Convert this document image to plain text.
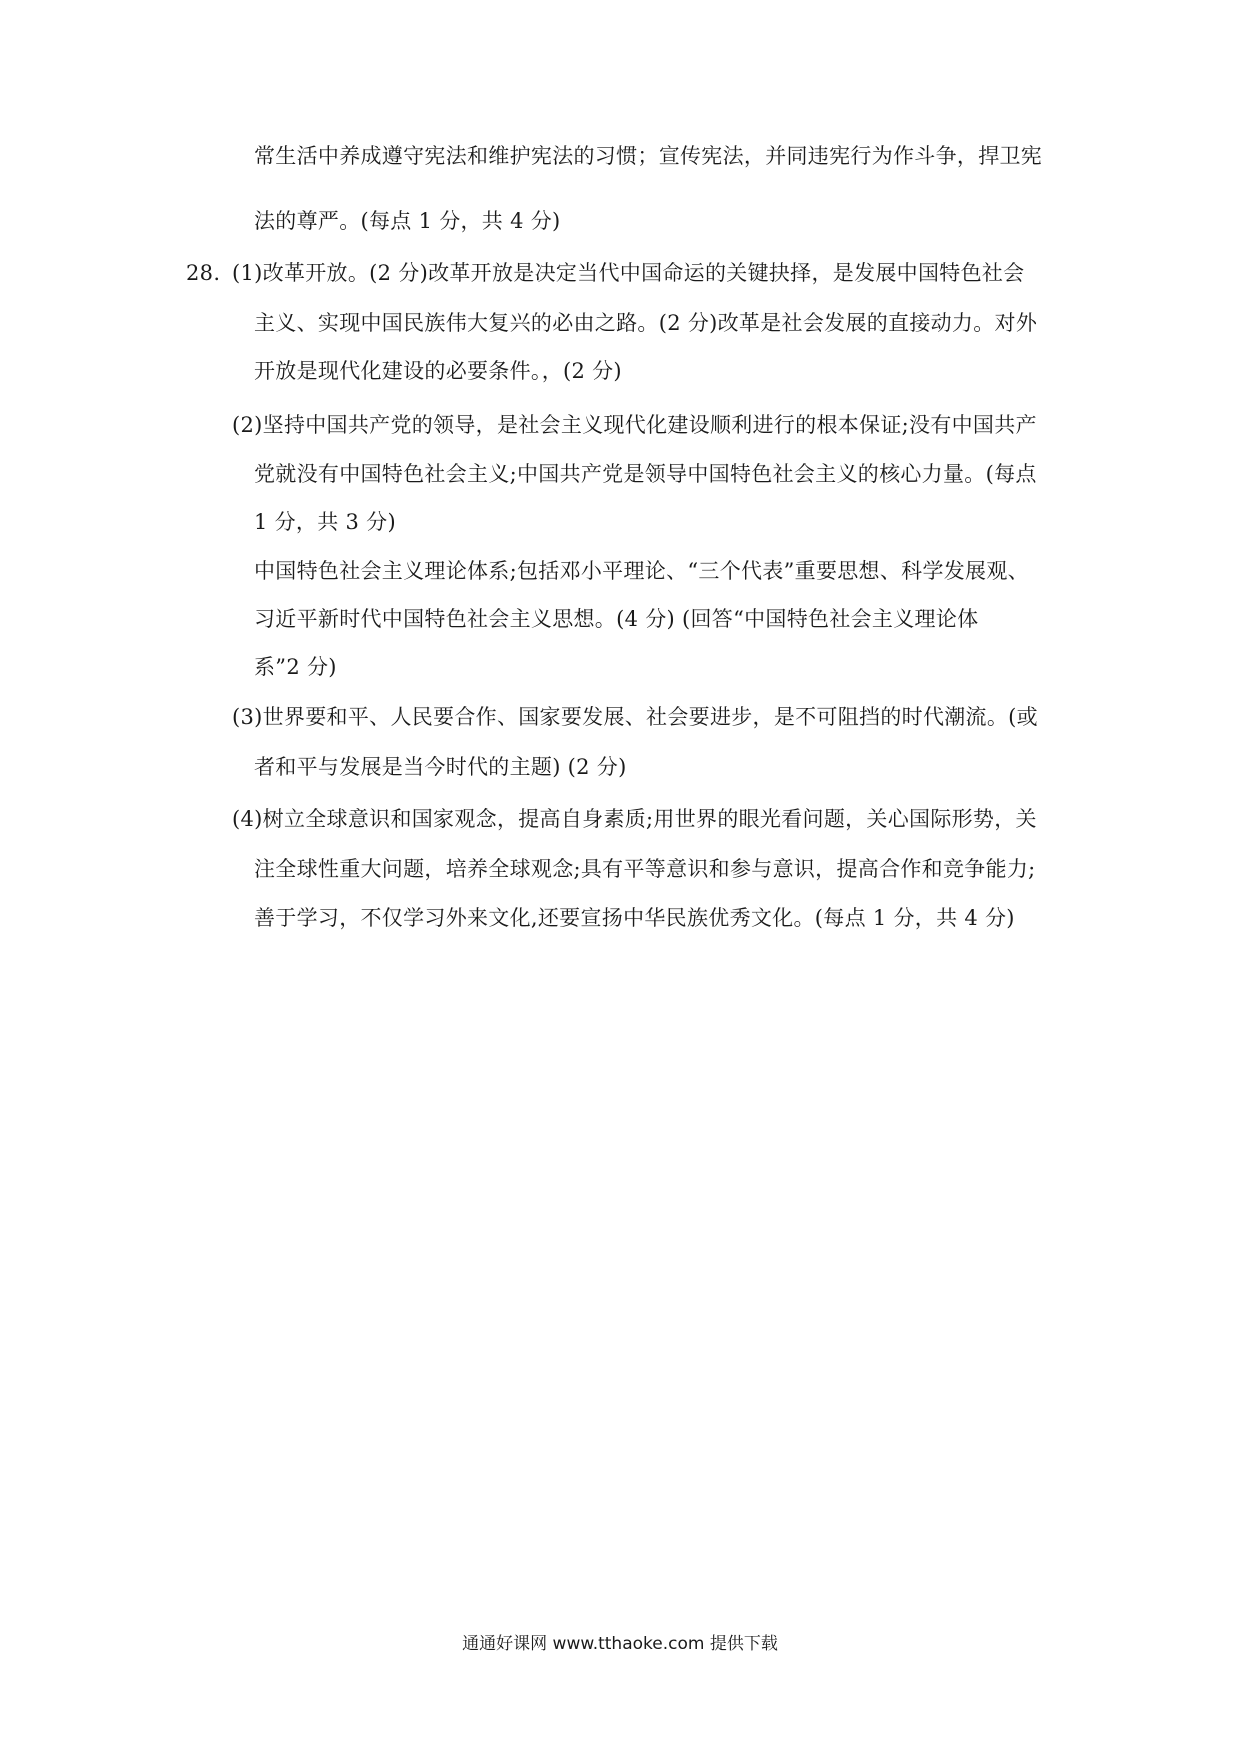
常生活中养成遵守宪法和维护宪法的习惯；宣传宪法，并同违宪行为作斗争，捍卫宪
法的尊严。(每点 1 分，共 4 分)
28. (1)改革开放。(2 分)改革开放是决定当代中国命运的关键抉择，是发展中国特色社会
主义、实现中国民族伟大复兴的必由之路。(2 分)改革是社会发展的直接动力。对外
开放是现代化建设的必要条件。，(2 分)
(2)坚持中国共产党的领导，是社会主义现代化建设顺利进行的根本保证;没有中国共产
党就没有中国特色社会主义;中国共产党是领导中国特色社会主义的核心力量。(每点
1 分，共 3 分)
中国特色社会主义理论体系;包括邓小平理论、“三个代表”重要思想、科学发展观、
习近平新时代中国特色社会主义思想。(4 分) (回答“中国特色社会主义理论体
系”2 分)
(3)世界要和平、人民要合作、国家要发展、社会要进步，是不可阻挡的时代潮流。(或
者和平与发展是当今时代的主题) (2 分)
(4)树立全球意识和国家观念，提高自身素质;用世界的眼光看问题，关心国际形势，关
注全球性重大问题，培养全球观念;具有平等意识和参与意识，提高合作和竞争能力;
善于学习，不仅学习外来文化,还要宣扬中华民族优秀文化。(每点 1 分，共 4 分)
通通好课网 www.tthaoke.com 提供下载
